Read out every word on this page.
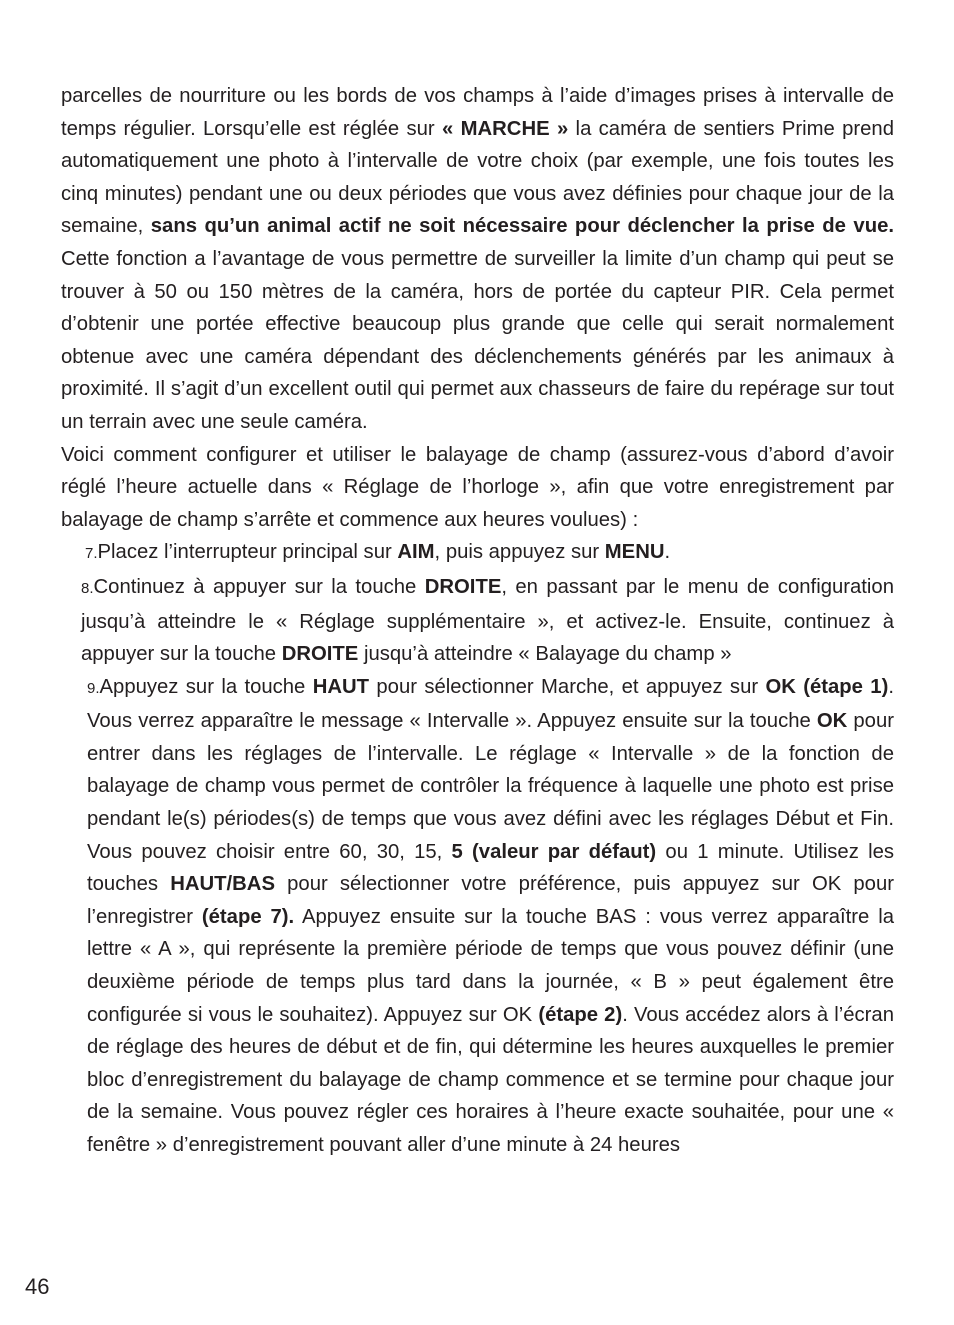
parcelles de nourriture ou les bords de vos champs à l’aide d’images prises à intervalle de temps régulier. Lorsqu’elle est réglée sur « MARCHE » la caméra de sentiers Prime prend automatiquement une photo à l’intervalle de votre choix (par exemple, une fois toutes les cinq minutes) pendant une ou deux périodes que vous avez définies pour chaque jour de la semaine, sans qu’un animal actif ne soit nécessaire pour déclencher la prise de vue. Cette fonction a l’avantage de vous permettre de surveiller la limite d’un champ qui peut se trouver à 50 ou 150 mètres de la caméra, hors de portée du capteur PIR. Cela permet d’obtenir une portée effective beaucoup plus grande que celle qui serait normalement obtenue avec une caméra dépendant des déclenchements générés par les animaux à proximité. Il s’agit d’un excellent outil qui permet aux chasseurs de faire du repérage sur tout un terrain avec une seule caméra.

Voici comment configurer et utiliser le balayage de champ (assurez-vous d’abord d’avoir réglé l’heure actuelle dans « Réglage de l’horloge », afin que votre enregistrement par balayage de champ s’arrête et commence aux heures voulues) :

7.Placez l’interrupteur principal sur AIM, puis appuyez sur MENU.

8.Continuez à appuyer sur la touche DROITE, en passant par le menu de configuration jusqu’à atteindre le « Réglage supplémentaire », et activez-le. Ensuite, continuez à appuyer sur la touche DROITE jusqu’à atteindre « Balayage du champ »

9.Appuyez sur la touche HAUT pour sélectionner Marche, et appuyez sur OK (étape 1). Vous verrez apparaître le message « Intervalle ». Appuyez ensuite sur la touche OK pour entrer dans les réglages de l’intervalle. Le réglage « Intervalle » de la fonction de balayage de champ vous permet de contrôler la fréquence à laquelle une photo est prise pendant le(s) périodes(s) de temps que vous avez défini avec les réglages Début et Fin. Vous pouvez choisir entre 60, 30, 15, 5 (valeur par défaut) ou 1 minute. Utilisez les touches HAUT/BAS pour sélectionner votre préférence, puis appuyez sur OK pour l’enregistrer (étape 7). Appuyez ensuite sur la touche BAS : vous verrez apparaître la lettre « A », qui représente la première période de temps que vous pouvez définir (une deuxième période de temps plus tard dans la journée, « B » peut également être configurée si vous le souhaitez). Appuyez sur OK (étape 2). Vous accédez alors à l’écran de réglage des heures de début et de fin, qui détermine les heures auxquelles le premier bloc d’enregistrement du balayage de champ commence et se termine pour chaque jour de la semaine. Vous pouvez régler ces horaires à l’heure exacte souhaitée, pour une « fenêtre » d’enregistrement pouvant aller d’une minute à 24 heures

46
